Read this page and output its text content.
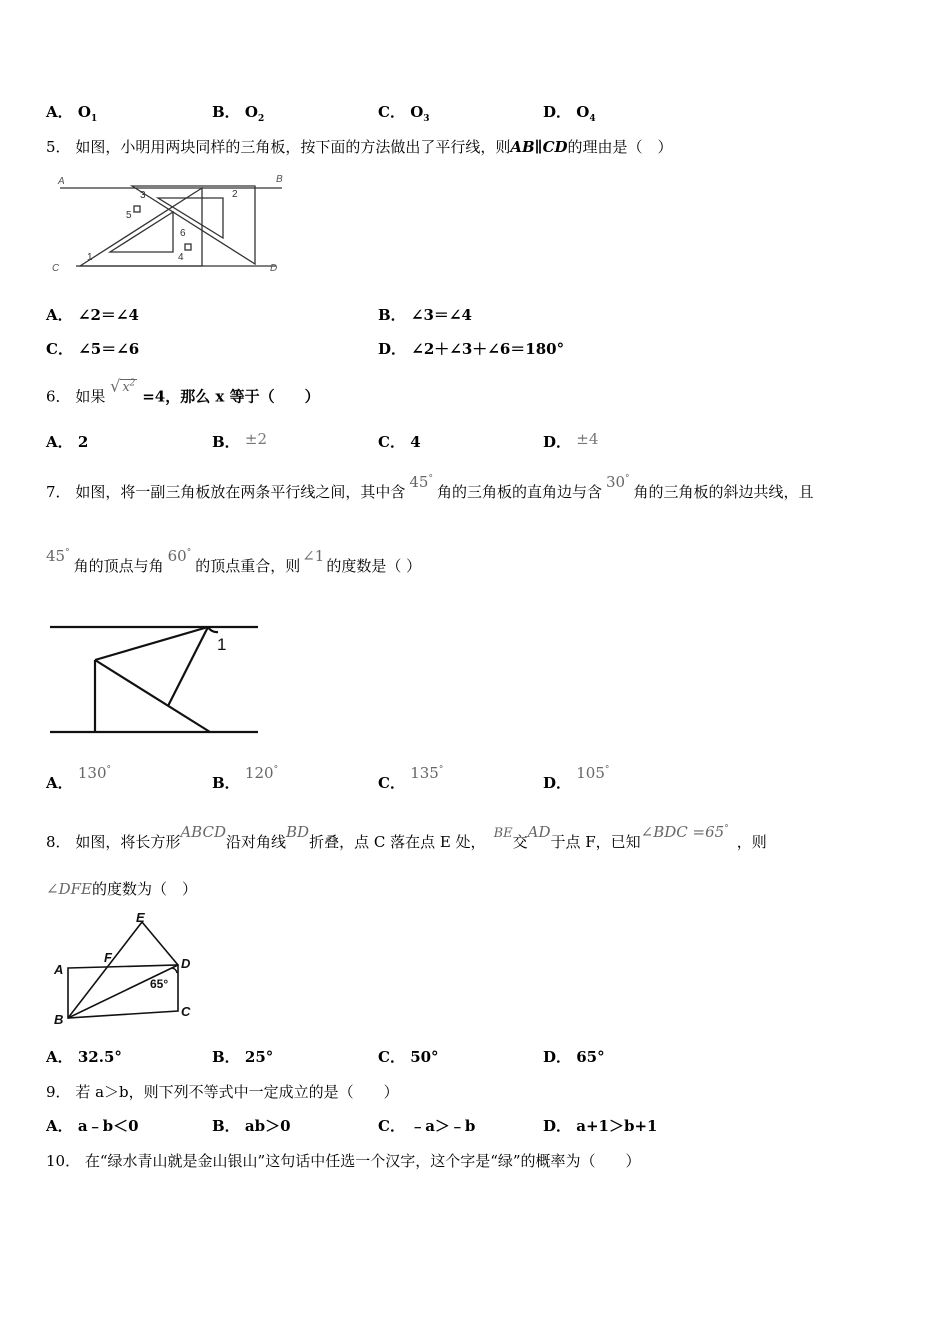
A． $O_1$	B． $O_2$	C． $O_3$	D． $O_4$
5． 如图，小明用两块同样的三角板，按下面的方法做出了平行线，则AB∥CD的理由是（　）
A	B
C	D
1
2
3
4
5
6
A． ∠2＝∠4	B． ∠3＝∠4
C． ∠5＝∠6	D． ∠2＋∠3＋∠6＝180°
6． 如果 √ $x^2 =4$，那么 x 等于（　　）
A． 2	B． ±2	C． 4	D． ±4
7． 如图，将一副三角板放在两条平行线之间，其中含45°角的三角板的直角边与含30°角的三角板的斜边共线，且
45°角的顶点与角60°的顶点重合，则∠1的度数是（ ）
1
A． 130°
B． 120°
C． 135°
D． 105°
8． 如图，将长方形ABCD沿对角线BD折叠，点 C 落在点 E 处， BE交AD于点 F，已知∠BDC =65°，则
∠DFE的度数为（　）
A
B
C
D
E
F
65°
A． 32.5°	B． 25°	C． 50°	D． 65°
9． 若 a＞b，则下列不等式中一定成立的是（　　）
A． a﹣b＜0	B． ab＞0	C． ﹣a＞﹣b	D． a+1＞b+1
10． 在“绿水青山就是金山银山”这句话中任选一个汉字，这个字是“绿”的概率为（　　）
